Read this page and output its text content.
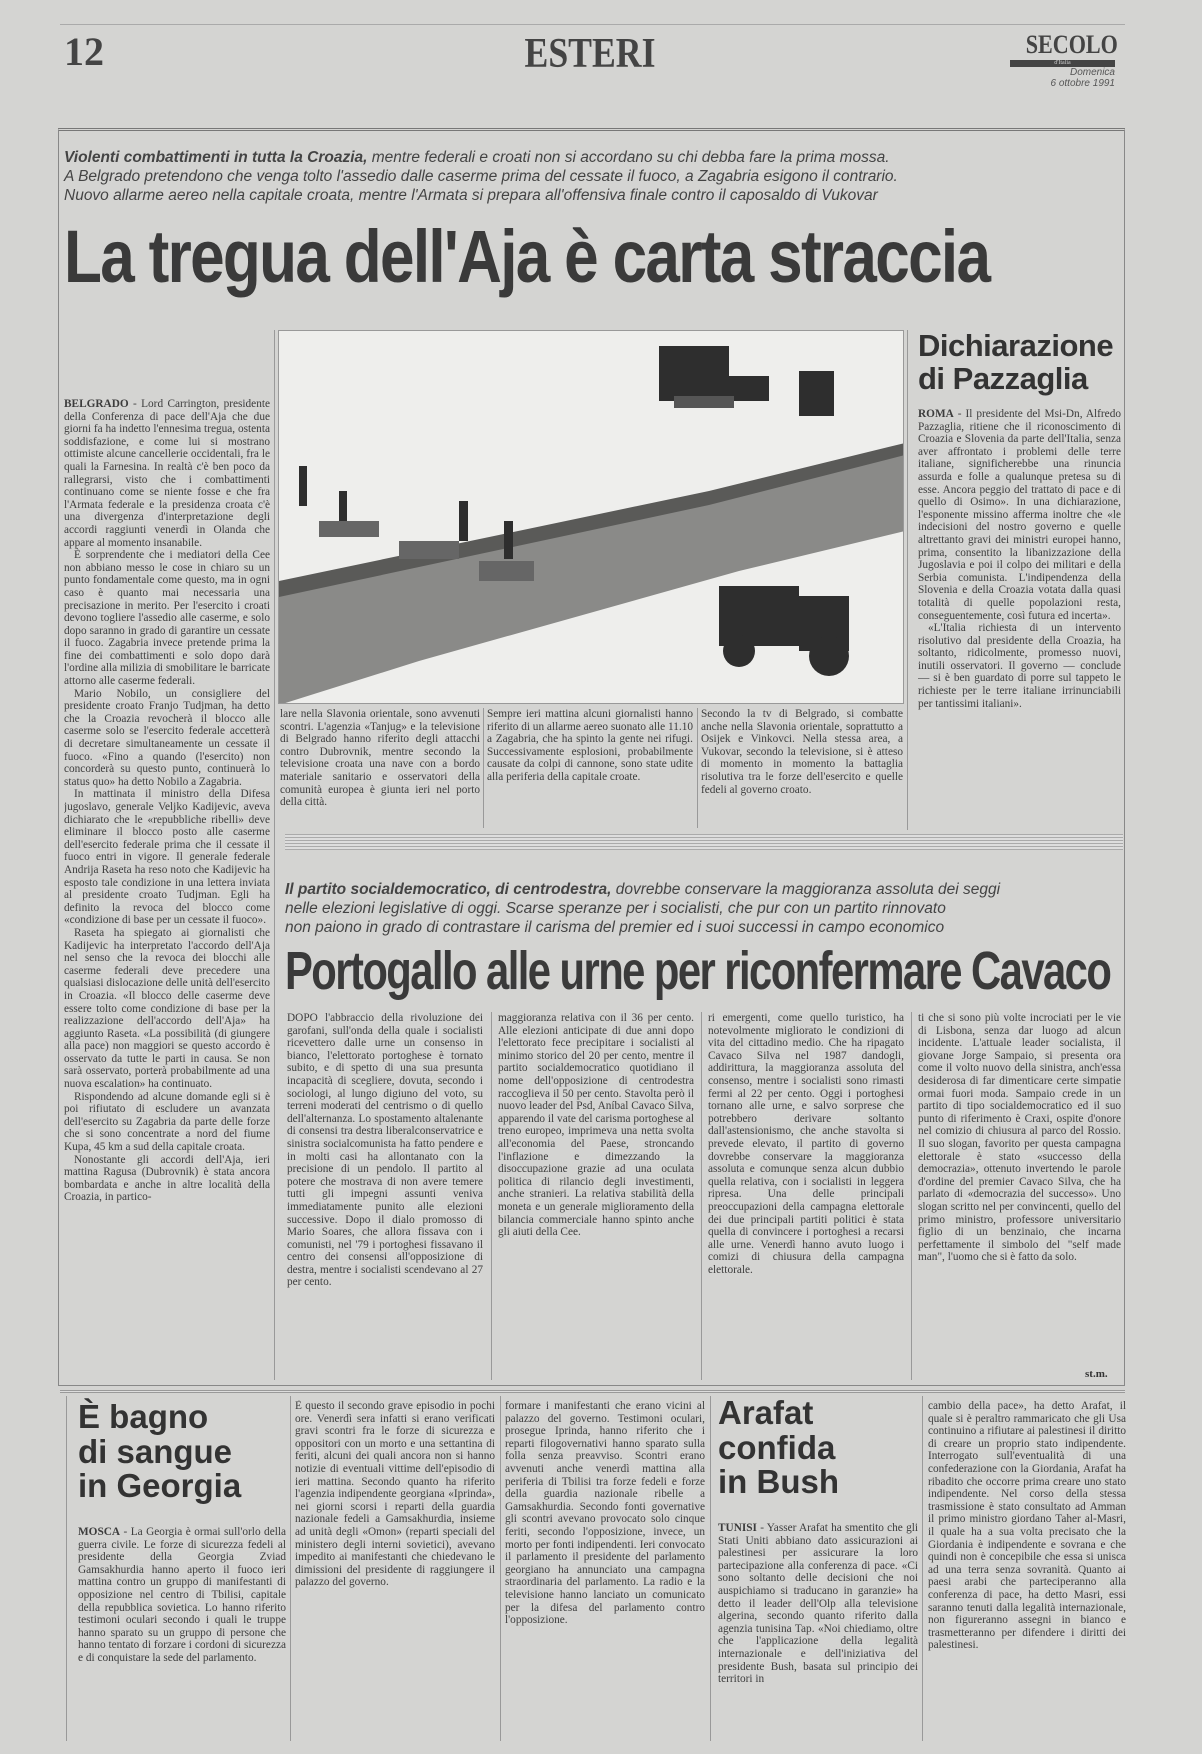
12	ESTERI	SECOLO
d'Italia
Domenica
6 ottobre 1991
Violenti combattimenti in tutta la Croazia, mentre federali e croati non si accordano su chi debba fare la prima mossa.
A Belgrado pretendono che venga tolto l'assedio dalle caserme prima del cessate il fuoco, a Zagabria esigono il contrario.
Nuovo allarme aereo nella capitale croata, mentre l'Armata si prepara all'offensiva finale contro il caposaldo di Vukovar
La tregua dell'Aja è carta straccia

BELGRADO - Lord Carrington, presidente della Conferenza di pace dell'Aja che due giorni fa ha indetto l'ennesima tregua, ostenta soddisfazione, e come lui si mostrano ottimiste alcune cancellerie occidentali, fra le quali la Farnesina. In realtà c'è ben poco da rallegrarsi, visto che i combattimenti continuano come se niente fosse e che fra l'Armata federale e la presidenza croata c'è una divergenza d'interpretazione degli accordi raggiunti venerdì in Olanda che appare al momento insanabile.

È sorprendente che i mediatori della Cee non abbiano messo le cose in chiaro su un punto fondamentale come questo, ma in ogni caso è quanto mai necessaria una precisazione in merito. Per l'esercito i croati devono togliere l'assedio alle caserme, e solo dopo saranno in grado di garantire un cessate il fuoco. Zagabria invece pretende prima la fine dei combattimenti e solo dopo darà l'ordine alla milizia di smobilitare le barricate attorno alle caserme federali.

Mario Nobilo, un consigliere del presidente croato Franjo Tudjman, ha detto che la Croazia revocherà il blocco alle caserme solo se l'esercito federale accetterà di decretare simultaneamente un cessate il fuoco. «Fino a quando (l'esercito) non concorderà su questo punto, continuerà lo status quo» ha detto Nobilo a Zagabria.

In mattinata il ministro della Difesa jugoslavo, generale Veljko Kadijevic, aveva dichiarato che le «repubbliche ribelli» deve eliminare il blocco posto alle caserme dell'esercito federale prima che il cessate il fuoco entri in vigore. Il generale federale Andrija Raseta ha reso noto che Kadijevic ha esposto tale condizione in una lettera inviata al presidente croato Tudjman. Egli ha definito la revoca del blocco come «condizione di base per un cessate il fuoco».

Raseta ha spiegato ai giornalisti che Kadijevic ha interpretato l'accordo dell'Aja nel senso che la revoca dei blocchi alle caserme federali deve precedere una qualsiasi dislocazione delle unità dell'esercito in Croazia. «Il blocco delle caserme deve essere tolto come condizione di base per la realizzazione dell'accordo dell'Aja» ha aggiunto Raseta. «La possibilità (di giungere alla pace) non maggiori se questo accordo è osservato da tutte le parti in causa. Se non sarà osservato, porterà probabilmente ad una nuova escalation» ha continuato.

Rispondendo ad alcune domande egli si è poi rifiutato di escludere un avanzata dell'esercito su Zagabria da parte delle forze che si sono concentrate a nord del fiume Kupa, 45 km a sud della capitale croata.

Nonostante gli accordi dell'Aja, ieri mattina Ragusa (Dubrovnik) è stata ancora bombardata e anche in altre località della Croazia, in partico-

lare nella Slavonia orientale, sono avvenuti scontri. L'agenzia «Tanjug» e la televisione di Belgrado hanno riferito degli attacchi contro Dubrovnik, mentre secondo la televisione croata una nave con a bordo materiale sanitario e osservatori della comunità europea è giunta ieri nel porto della città.

Sempre ieri mattina alcuni giornalisti hanno riferito di un allarme aereo suonato alle 11.10 a Zagabria, che ha spinto la gente nei rifugi. Successivamente esplosioni, probabilmente causate da colpi di cannone, sono state udite alla periferia della capitale croate.

Secondo la tv di Belgrado, si combatte anche nella Slavonia orientale, soprattutto a Osijek e Vinkovci. Nella stessa area, a Vukovar, secondo la televisione, si è atteso di momento in momento la battaglia risolutiva tra le forze dell'esercito e quelle fedeli al governo croato.

Dichiarazione
di Pazzaglia

ROMA - Il presidente del Msi-Dn, Alfredo Pazzaglia, ritiene che il riconoscimento di Croazia e Slovenia da parte dell'Italia, senza aver affrontato i problemi delle terre italiane, significherebbe una rinuncia assurda e folle a qualunque pretesa su di esse. Ancora peggio del trattato di pace e di quello di Osimo». In una dichiarazione, l'esponente missino afferma inoltre che «le indecisioni del nostro governo e quelle altrettanto gravi dei ministri europei hanno, prima, consentito la libanizzazione della Jugoslavia e poi il colpo dei militari e della Serbia comunista. L'indipendenza della Slovenia e della Croazia votata dalla quasi totalità di quelle popolazioni resta, conseguentemente, così futura ed incerta».

«L'Italia richiesta di un intervento risolutivo dal presidente della Croazia, ha soltanto, ridicolmente, promesso nuovi, inutili osservatori. Il governo — conclude — si è ben guardato di porre sul tappeto le richieste per le terre italiane irrinunciabili per tantissimi italiani».

Il partito socialdemocratico, di centrodestra, dovrebbe conservare la maggioranza assoluta dei seggi
nelle elezioni legislative di oggi. Scarse speranze per i socialisti, che pur con un partito rinnovato
non paiono in grado di contrastare il carisma del premier ed i suoi successi in campo economico
Portogallo alle urne per riconfermare Cavaco

DOPO l'abbraccio della rivoluzione dei garofani, sull'onda della quale i socialisti ricevettero dalle urne un consenso in bianco, l'elettorato portoghese è tornato subito, e di spetto di una sua presunta incapacità di scegliere, dovuta, secondo i sociologi, al lungo digiuno del voto, su terreni moderati del centrismo o di quello dell'alternanza. Lo spostamento altalenante di consensi tra destra liberalconservatrice e sinistra socialcomunista ha fatto pendere e in molti casi ha allontanato con la precisione di un pendolo. Il partito al potere che mostrava di non avere temere tutti gli impegni assunti veniva immediatamente punito alle elezioni successive. Dopo il dialo promosso di Mario Soares, che allora fissava con i comunisti, nel '79 i portoghesi fissavano il centro dei consensi all'opposizione di destra, mentre i socialisti scendevano al 27 per cento.

maggioranza relativa con il 36 per cento. Alle elezioni anticipate di due anni dopo l'elettorato fece precipitare i socialisti al minimo storico del 20 per cento, mentre il partito socialdemocratico quotidiano il nome dell'opposizione di centrodestra raccoglieva il 50 per cento. Stavolta però il nuovo leader del Psd, Aníbal Cavaco Silva, apparendo il vate del carisma portoghese al treno europeo, imprimeva una netta svolta all'economia del Paese, stroncando l'inflazione e dimezzando la disoccupazione grazie ad una oculata politica di rilancio degli investimenti, anche stranieri. La relativa stabilità della moneta e un generale miglioramento della bilancia commerciale hanno spinto anche gli aiuti della Cee.

ri emergenti, come quello turistico, ha notevolmente migliorato le condizioni di vita del cittadino medio. Che ha ripagato Cavaco Silva nel 1987 dandogli, addirittura, la maggioranza assoluta del consenso, mentre i socialisti sono rimasti fermi al 22 per cento. Oggi i portoghesi tornano alle urne, e salvo sorprese che potrebbero derivare soltanto dall'astensionismo, che anche stavolta si prevede elevato, il partito di governo dovrebbe conservare la maggioranza assoluta e comunque senza alcun dubbio quella relativa, con i socialisti in leggera ripresa. Una delle principali preoccupazioni della campagna elettorale dei due principali partiti politici è stata quella di convincere i portoghesi a recarsi alle urne. Venerdì hanno avuto luogo i comizi di chiusura della campagna elettorale.

ti che si sono più volte incrociati per le vie di Lisbona, senza dar luogo ad alcun incidente. L'attuale leader socialista, il giovane Jorge Sampaio, si presenta ora come il volto nuovo della sinistra, anch'essa desiderosa di far dimenticare certe simpatie ormai fuori moda. Sampaio crede in un partito di tipo socialdemocratico ed il suo punto di riferimento è Craxi, ospite d'onore nel comizio di chiusura al parco del Rossio. Il suo slogan, favorito per questa campagna elettorale è stato «successo della democrazia», ottenuto invertendo le parole d'ordine del premier Cavaco Silva, che ha parlato di «democrazia del successo». Uno slogan scritto nel per convincenti, quello del primo ministro, professore universitario figlio di un benzinaio, che incarna perfettamente il simbolo del "self made man", l'uomo che si è fatto da solo.

st.m.
È bagno
di sangue
in Georgia

MOSCA - La Georgia è ormai sull'orlo della guerra civile. Le forze di sicurezza fedeli al presidente della Georgia Zviad Gamsakhurdia hanno aperto il fuoco ieri mattina contro un gruppo di manifestanti di opposizione nel centro di Tbilisi, capitale della repubblica sovietica. Lo hanno riferito testimoni oculari secondo i quali le truppe hanno sparato su un gruppo di persone che hanno tentato di forzare i cordoni di sicurezza e di conquistare la sede del parlamento.

È questo il secondo grave episodio in pochi ore. Venerdì sera infatti si erano verificati gravi scontri fra le forze di sicurezza e oppositori con un morto e una settantina di feriti, alcuni dei quali ancora non si hanno notizie di eventuali vittime dell'episodio di ieri mattina. Secondo quanto ha riferito l'agenzia indipendente georgiana «Iprinda», nei giorni scorsi i reparti della guardia nazionale fedeli a Gamsakhurdia, insieme ad unità degli «Omon» (reparti speciali del ministero degli interni sovietici), avevano impedito ai manifestanti che chiedevano le dimissioni del presidente di raggiungere il palazzo del governo.

formare i manifestanti che erano vicini al palazzo del governo. Testimoni oculari, prosegue Iprinda, hanno riferito che i reparti filogovernativi hanno sparato sulla folla senza preavviso. Scontri erano avvenuti anche venerdì mattina alla periferia di Tbilisi tra forze fedeli e forze della guardia nazionale ribelle a Gamsakhurdia. Secondo fonti governative gli scontri avevano provocato solo cinque feriti, secondo l'opposizione, invece, un morto per fonti indipendenti. Ieri convocato il parlamento il presidente del parlamento georgiano ha annunciato una campagna straordinaria del parlamento. La radio e la televisione hanno lanciato un comunicato per la difesa del parlamento contro l'opposizione.

Arafat
confida
in Bush

TUNISI - Yasser Arafat ha smentito che gli Stati Uniti abbiano dato assicurazioni ai palestinesi per assicurare la loro partecipazione alla conferenza di pace. «Ci sono soltanto delle decisioni che noi auspichiamo si traducano in garanzie» ha detto il leader dell'Olp alla televisione algerina, secondo quanto riferito dalla agenzia tunisina Tap. «Noi chiediamo, oltre che l'applicazione della legalità internazionale e dell'iniziativa del presidente Bush, basata sul principio dei territori in

cambio della pace», ha detto Arafat, il quale si è peraltro rammaricato che gli Usa continuino a rifiutare ai palestinesi il diritto di creare un proprio stato indipendente. Interrogato sull'eventualità di una confederazione con la Giordania, Arafat ha ribadito che occorre prima creare uno stato indipendente. Nel corso della stessa trasmissione è stato consultato ad Amman il primo ministro giordano Taher al-Masri, il quale ha a sua volta precisato che la Giordania è indipendente e sovrana e che quindi non è concepibile che essa si unisca ad una terra senza sovranità. Quanto ai paesi arabi che parteciperanno alla conferenza di pace, ha detto Masri, essi saranno tenuti dalla legalità internazionale, non figureranno assegni in bianco e trasmetteranno per difendere i diritti dei palestinesi.
